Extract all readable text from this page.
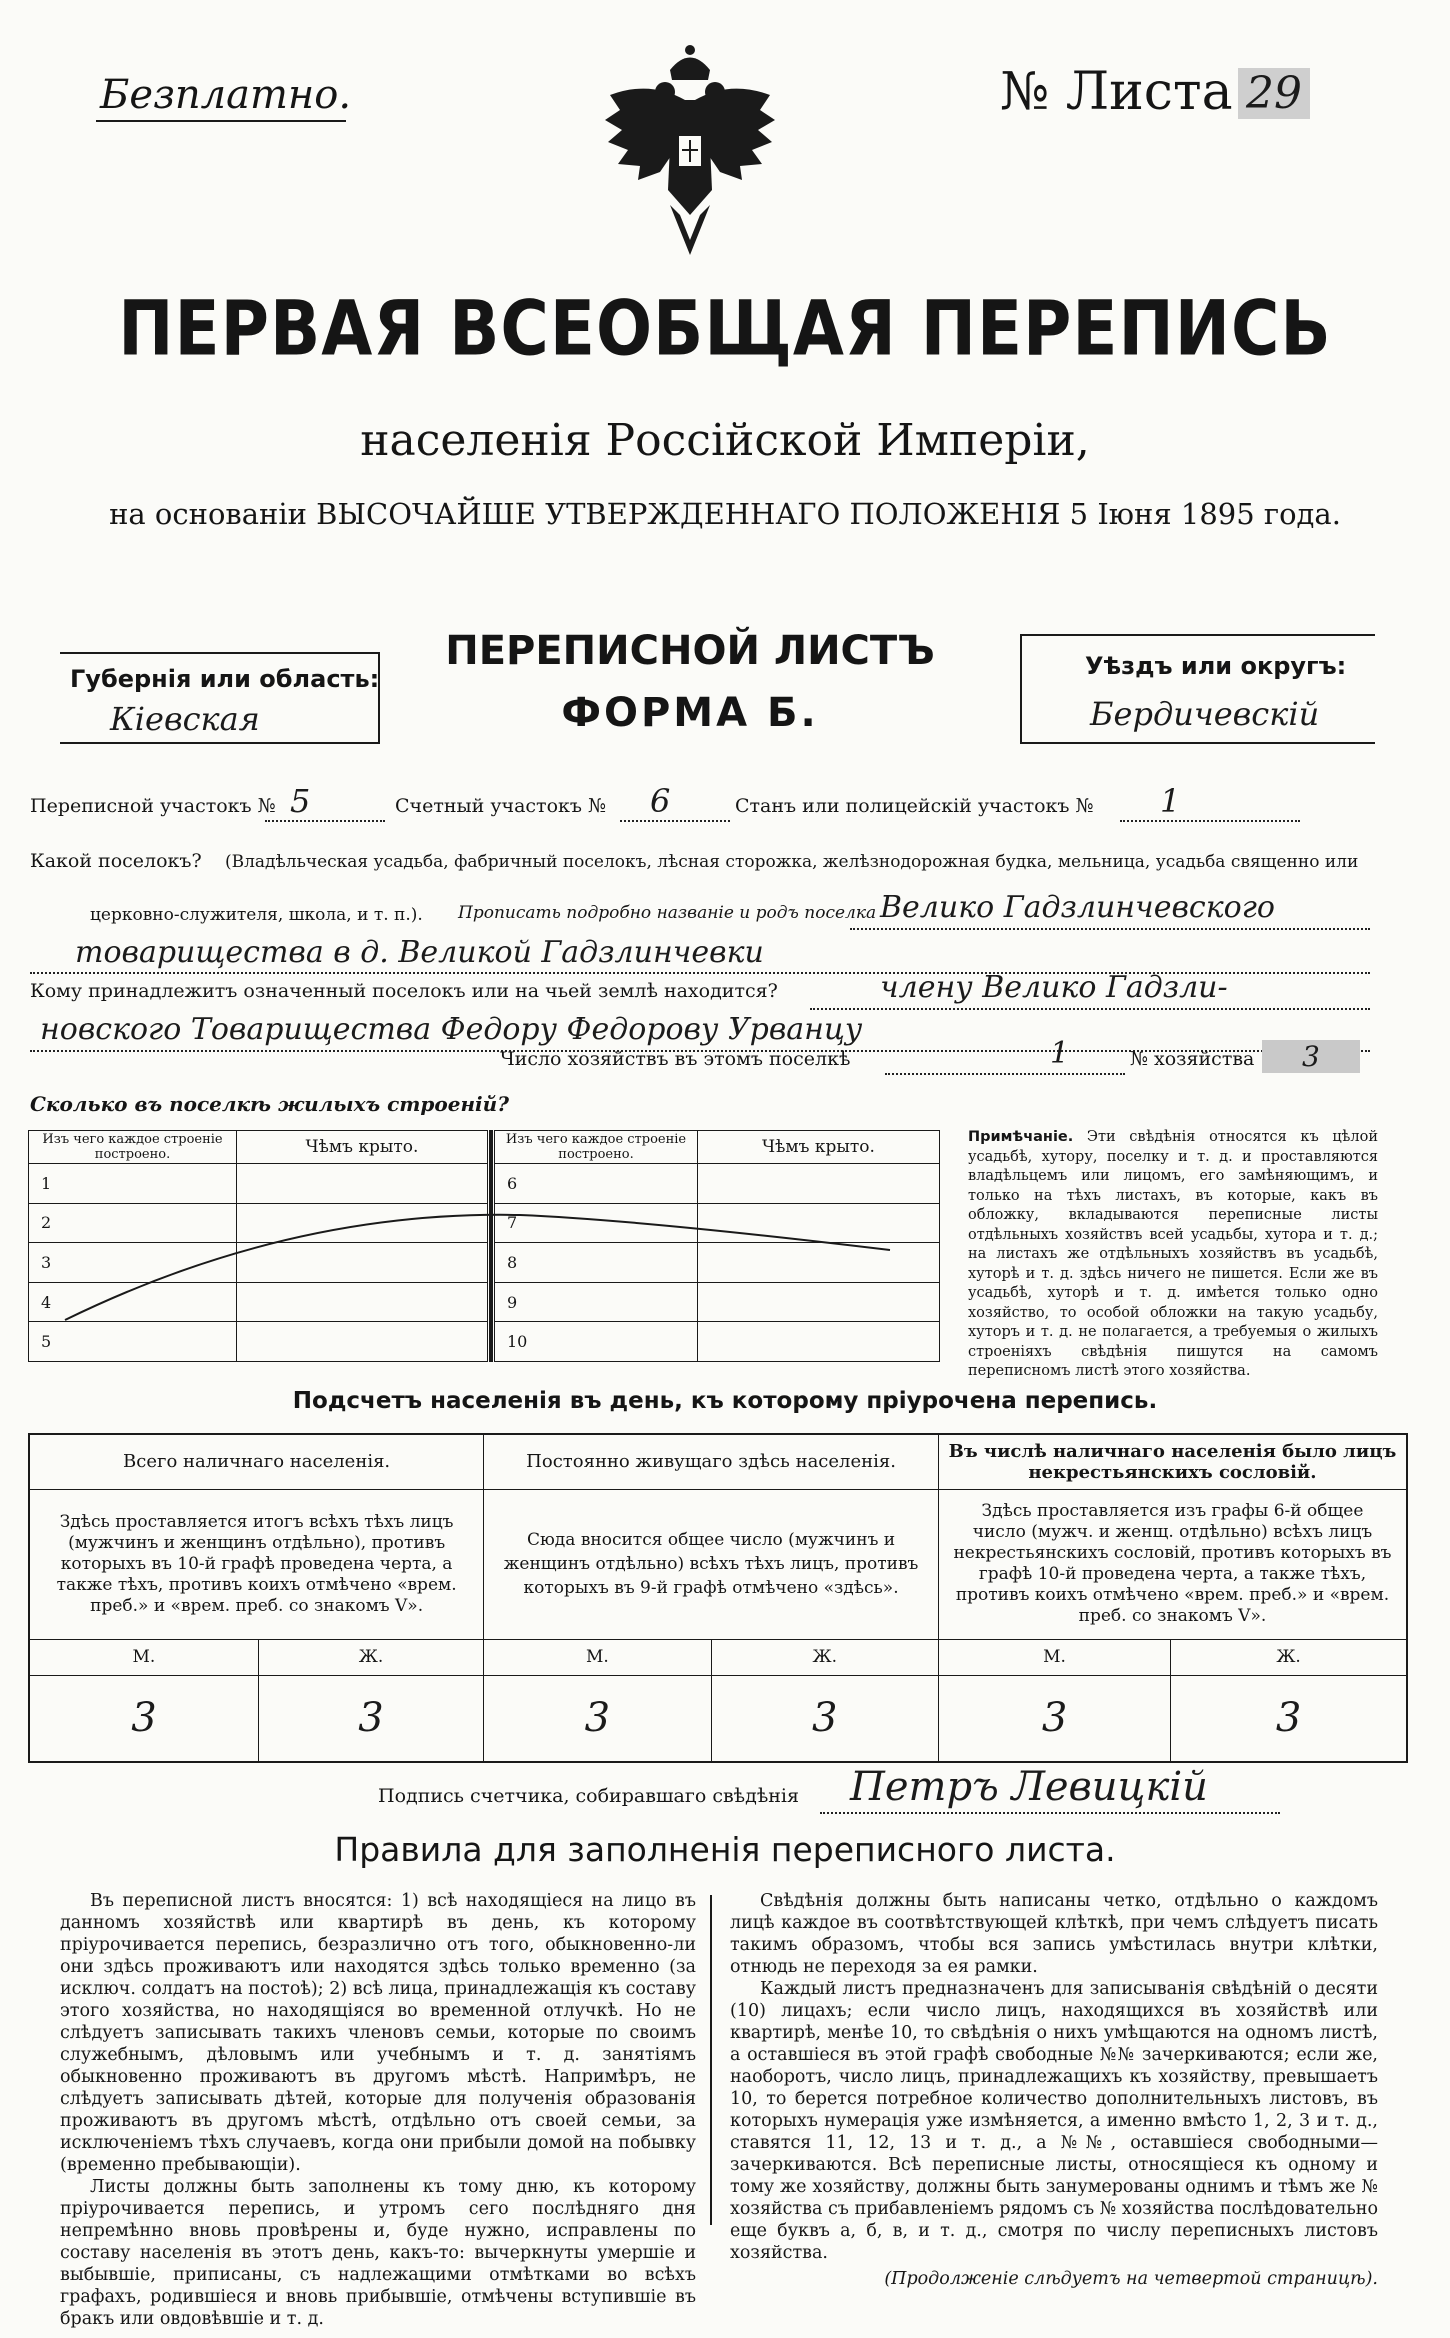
Безплатно.	№ Листа 29
ПЕРВАЯ ВСЕОБЩАЯ ПЕРЕПИСЬ
населенія Россійской Имперіи,
на основаніи ВЫСОЧАЙШЕ УТВЕРЖДЕННАГО ПОЛОЖЕНІЯ 5 Іюня 1895 года.
Губернія или область:
Кіевская
ПЕРЕПИСНОЙ ЛИСТЪ
ФОРМА Б.
Уѣздъ или округъ:
Бердичевскій
Переписной участокъ № 5	Счетный участокъ № 6	Станъ или полицейскій участокъ № 1
Какой поселокъ? (Владѣльческая усадьба, фабричный поселокъ, лѣсная сторожка, желѣзнодорожная будка, мельница, усадьба священно или
церковно-служителя, школа, и т. п.). Прописать подробно названіе и родъ поселка Велико Гадзлинчевского
товарищества в д. Великой Гадзлинчевки
Кому принадлежитъ означенный поселокъ или на чьей землѣ находится?	члену Велико Гадзли-
новского Товарищества Федору Федорову Урванцу
Число хозяйствъ въ этомъ поселкѣ	1	№ хозяйства	3
Сколько въ поселкѣ жилыхъ строеній?
Изъ чего каждое строеніе построено.	Чѣмъ крыто.
1	
2	
3	
4	
5	
Изъ чего каждое строеніе построено.	Чѣмъ крыто.
6	
7	
8	
9	
10	
Примѣчаніе. Эти свѣдѣнія относятся къ цѣлой усадьбѣ, хутору, поселку и т. д. и проставляются владѣльцемъ или лицомъ, его замѣняющимъ, и только на тѣхъ листахъ, въ которые, какъ въ обложку, вкладываются переписные листы отдѣльныхъ хозяйствъ всей усадьбы, хутора и т. д.; на листахъ же отдѣльныхъ хозяйствъ въ усадьбѣ, хуторѣ и т. д. здѣсь ничего не пишется. Если же въ усадьбѣ, хуторѣ и т. д. имѣется только одно хозяйство, то особой обложки на такую усадьбу, хуторъ и т. д. не полагается, а требуемыя о жилыхъ строеніяхъ свѣдѣнія пишутся на самомъ переписномъ листѣ этого хозяйства.
Подсчетъ населенія въ день, къ которому пріурочена перепись.
Всего наличнаго населенія.		Постоянно живущаго здѣсь населенія.		Въ числѣ наличнаго населенія было лицъ некрестьянскихъ сословій.	
Здѣсь проставляется итогъ всѣхъ тѣхъ лицъ (мужчинъ и женщинъ отдѣльно), противъ которыхъ въ 10-й графѣ проведена черта, а также тѣхъ, противъ коихъ отмѣчено «врем. преб.» и «врем. преб. со знакомъ V».		Сюда вносится общее число (мужчинъ и женщинъ отдѣльно) всѣхъ тѣхъ лицъ, противъ которыхъ въ 9-й графѣ отмѣчено «здѣсь».		Здѣсь проставляется изъ графы 6-й общее число (мужч. и женщ. отдѣльно) всѣхъ лицъ некрестьянскихъ сословій, противъ которыхъ въ графѣ 10-й проведена черта, а также тѣхъ, противъ коихъ отмѣчено «врем. преб.» и «врем. преб. со знакомъ V».	
М.	Ж.	М.	Ж.	М.	Ж.
3	3	3	3	3	3
Подпись счетчика, собиравшаго свѣдѣнія Петръ Левицкій
Правила для заполненія переписного листа.

Въ переписной листъ вносятся: 1) всѣ находящіеся на лицо въ данномъ хозяйствѣ или квартирѣ въ день, къ которому пріурочивается перепись, безразлично отъ того, обыкновенно-ли они здѣсь проживаютъ или находятся здѣсь только временно (за исключ. солдатъ на постоѣ); 2) всѣ лица, принадлежащія къ составу этого хозяйства, но находящіяся во временной отлучкѣ. Но не слѣдуетъ записывать такихъ членовъ семьи, которые по своимъ служебнымъ, дѣловымъ или учебнымъ и т. д. занятіямъ обыкновенно проживаютъ въ другомъ мѣстѣ. Напримѣръ, не слѣдуетъ записывать дѣтей, которые для полученія образованія проживаютъ въ другомъ мѣстѣ, отдѣльно отъ своей семьи, за исключеніемъ тѣхъ случаевъ, когда они прибыли домой на побывку (временно пребывающіи).

Листы должны быть заполнены къ тому дню, къ которому пріурочивается перепись, и утромъ сего послѣдняго дня непремѣнно вновь провѣрены и, буде нужно, исправлены по составу населенія въ этотъ день, какъ-то: вычеркнуты умершіе и выбывшіе, приписаны, съ надлежащими отмѣтками во всѣхъ графахъ, родившіеся и вновь прибывшіе, отмѣчены вступившіе въ бракъ или овдовѣвшіе и т. д.

Свѣдѣнія должны быть написаны четко, отдѣльно о каждомъ лицѣ каждое въ соотвѣтствующей клѣткѣ, при чемъ слѣдуетъ писать такимъ образомъ, чтобы вся запись умѣстилась внутри клѣтки, отнюдь не переходя за ея рамки.

Каждый листъ предназначенъ для записыванія свѣдѣній о десяти (10) лицахъ; если число лицъ, находящихся въ хозяйствѣ или квартирѣ, менѣе 10, то свѣдѣнія о нихъ умѣщаются на одномъ листѣ, а оставшіеся въ этой графѣ свободные №№ зачеркиваются; если же, наоборотъ, число лицъ, принадлежащихъ къ хозяйству, превышаетъ 10, то берется потребное количество дополнительныхъ листовъ, въ которыхъ нумерація уже измѣняется, а именно вмѣсто 1, 2, 3 и т. д., ставятся 11, 12, 13 и т. д., а №№, оставшіеся свободными—зачеркиваются. Всѣ переписные листы, относящіеся къ одному и тому же хозяйству, должны быть занумерованы однимъ и тѣмъ же № хозяйства съ прибавленіемъ рядомъ съ № хозяйства послѣдовательно еще буквъ а, б, в, и т. д., смотря по числу переписныхъ листовъ хозяйства.

(Продолженіе слѣдуетъ на четвертой страницѣ).
